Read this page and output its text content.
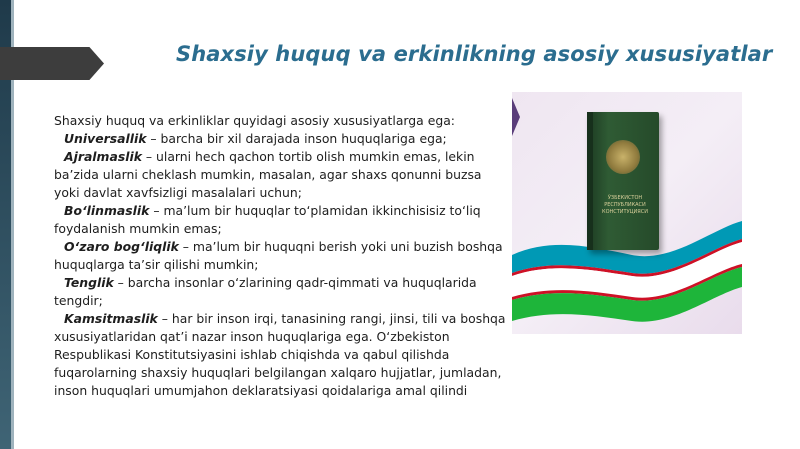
Shaxsiy huquq va erkinlikning asosiy xususiyatlar

Shaxsiy huquq va erkinliklar quyidagi asosiy xususiyatlarga ega:

Universallik – barcha bir xil darajada inson huquqlariga ega;

Ajralmaslik – ularni hech qachon tortib olish mumkin emas, lekin ba’zida ularni cheklash mumkin, masalan, agar shaxs qonunni buzsa yoki davlat xavfsizligi masalalari uchun;

Bo‘linmaslik – ma’lum bir huquqlar to‘plamidan ikkinchisisiz to‘liq foydalanish mumkin emas;

O‘zaro bog‘liqlik – ma’lum bir huquqni berish yoki uni buzish boshqa huquqlarga ta’sir qilishi mumkin;

Tenglik – barcha insonlar o‘zlarining qadr-qimmati va huquqlarida tengdir;

Kamsitmaslik – har bir inson irqi, tanasining rangi, jinsi, tili va boshqa xususiyatlaridan qat’i nazar inson huquqlariga ega. O‘zbekiston Respublikasi Konstitutsiyasini ishlab chiqishda va qabul qilishda fuqarolarning shaxsiy huquqlari belgilangan xalqaro hujjatlar, jumladan, inson huquqlari umumjahon deklaratsiyasi qoidalariga amal qilindi

ЎЗБЕКИСТОН РЕСПУБЛИКАСИ КОНСТИТУЦИЯСИ
